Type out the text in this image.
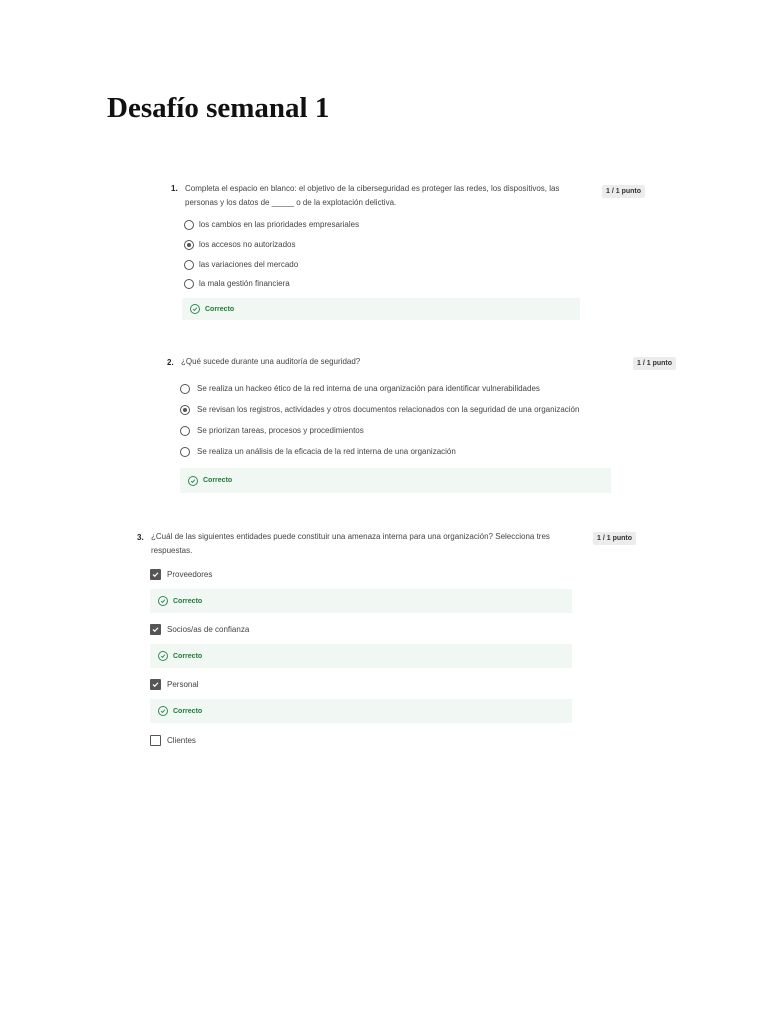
Desafío semanal 1
1. Completa el espacio en blanco: el objetivo de la ciberseguridad es proteger las redes, los dispositivos, las
personas y los datos de _____ o de la explotación delictiva.
1 / 1 punto
los cambios en las prioridades empresariales
los accesos no autorizados
las variaciones del mercado
la mala gestión financiera
Correcto
2. ¿Qué sucede durante una auditoría de seguridad?	1 / 1 punto
Se realiza un hackeo ético de la red interna de una organización para identificar vulnerabilidades
Se revisan los registros, actividades y otros documentos relacionados con la seguridad de una organización
Se priorizan tareas, procesos y procedimientos
Se realiza un análisis de la eficacia de la red interna de una organización
Correcto
3. ¿Cuál de las siguientes entidades puede constituir una amenaza interna para una organización? Selecciona tres
respuestas.
1 / 1 punto
Proveedores
Correcto
Socios/as de confianza
Correcto
Personal
Correcto
Clientes
